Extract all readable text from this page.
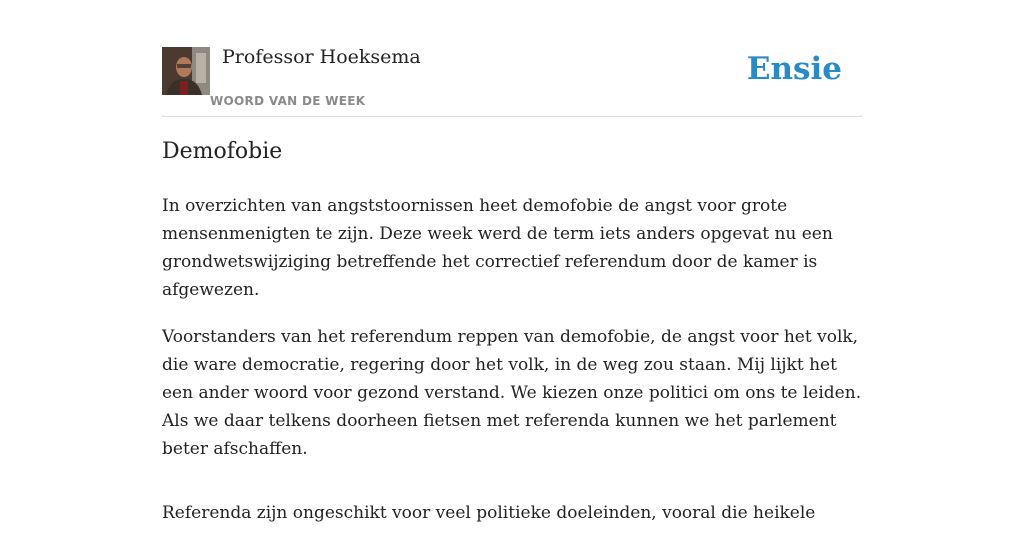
Professor Hoeksema
WOORD VAN DE WEEK
Ensie
Demofobie

In overzichten van angststoornissen heet demofobie de angst voor grote mensenmenigten te zijn. Deze week werd de term iets anders opgevat nu een grondwetswijziging betreffende het correctief referendum door de kamer is afgewezen.

Voorstanders van het referendum reppen van demofobie, de angst voor het volk, die ware democratie, regering door het volk, in de weg zou staan. Mij lijkt het een ander woord voor gezond verstand. We kiezen onze politici om ons te leiden. Als we daar telkens doorheen fietsen met referenda kunnen we het parlement beter afschaffen.

Referenda zijn ongeschikt voor veel politieke doeleinden, vooral die heikele
